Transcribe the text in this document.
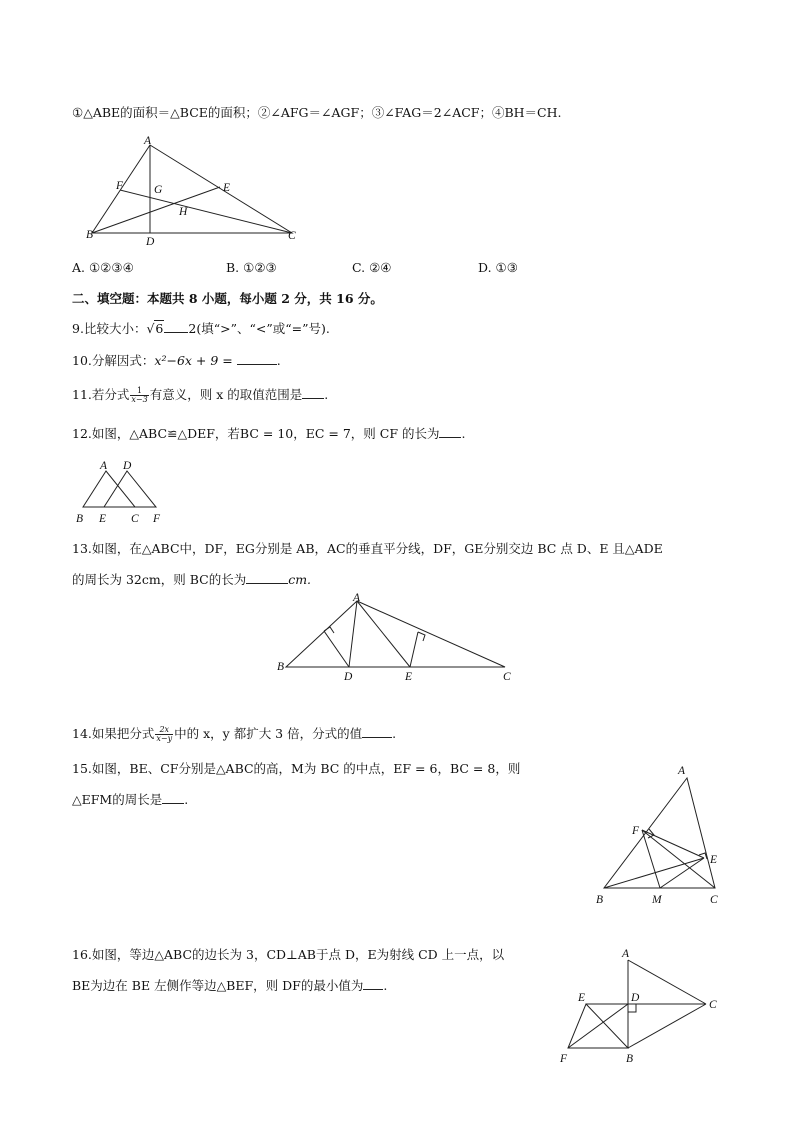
①△ABE的面积＝△BCE的面积；②∠AFG＝∠AGF；③∠FAG＝2∠ACF；④BH＝CH.
A
F	G	E
H
B
D	C
A. ①②③④	B. ①②③	C. ②④	D. ①③
二、填空题：本题共 8 小题，每小题 2 分，共 16 分。
9.比较大小：√6 2(填“>”、“<”或“=”号).
10.分解因式：x²−6x + 9 =	.
11.若分式 $\frac{1}{x-3}$ 有意义，则 x 的取值范围是 .
12.如图，△ABC≌△DEF，若BC = 10，EC = 7，则 CF 的长为 .
A D
B E C F
13.如图，在△ABC中，DF，EG分别是 AB，AC的垂直平分线，DF，GE分别交边 BC 点 D、E 且△ADE
的周长为 32cm，则 BC的长为	cm.
A
B
D	E	C
14.如果把分式 $\frac{2x}{x-y}$ 中的 x，y 都扩大 3 倍，分式的值 .
15.如图，BE、CF分别是△ABC的高，M为 BC 的中点，EF = 6，BC = 8，则
△EFM的周长是 .
A
F
E
B	M	C
16.如图，等边△ABC的边长为 3，CD⊥AB于点 D，E为射线 CD 上一点，以
BE为边在 BE 左侧作等边△BEF，则 DF的最小值为 .
A
E	D
C
F	B
